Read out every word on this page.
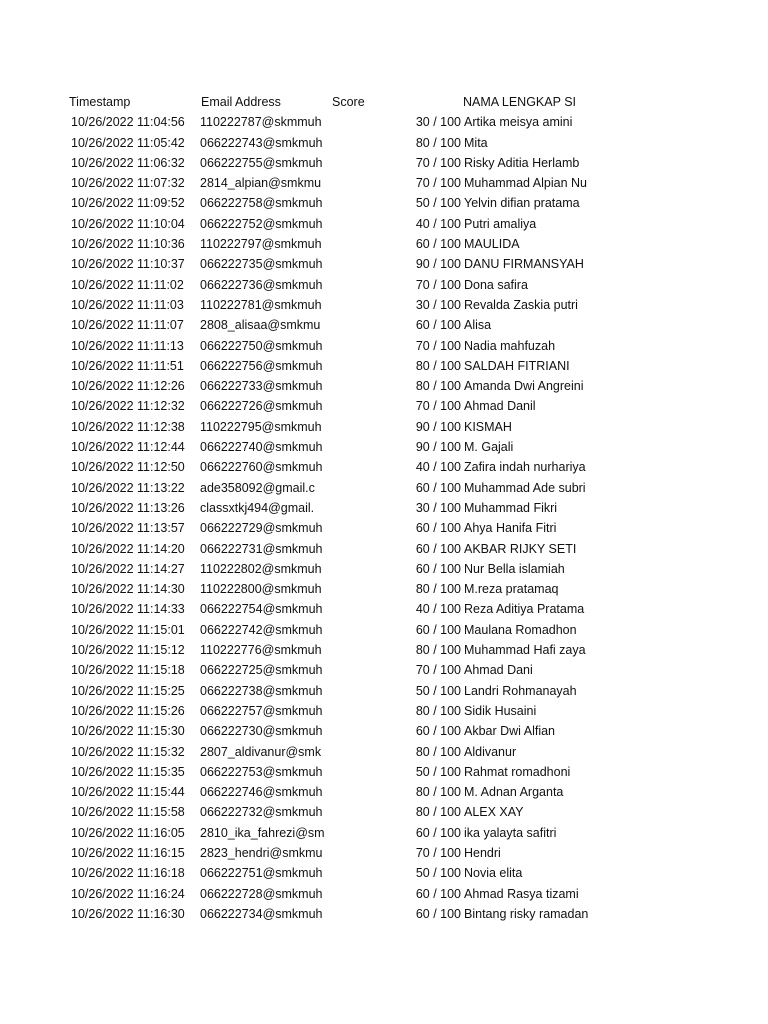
Timestamp	Email Address	Score	NAMA LENGKAP SI
10/26/2022 11:04:56	110222787@skmmuh	30 / 100 Artika meisya amini
10/26/2022 11:05:42	066222743@smkmuh	80 / 100 Mita
10/26/2022 11:06:32	066222755@smkmuh	70 / 100 Risky Aditia Herlamb
10/26/2022 11:07:32	2814_alpian@smkmu	70 / 100 Muhammad Alpian Nu
10/26/2022 11:09:52	066222758@smkmuh	50 / 100 Yelvin difian pratama
10/26/2022 11:10:04	066222752@smkmuh	40 / 100 Putri amaliya
10/26/2022 11:10:36	110222797@smkmuh	60 / 100 MAULIDA
10/26/2022 11:10:37	066222735@smkmuh	90 / 100 DANU FIRMANSYAH
10/26/2022 11:11:02	066222736@smkmuh	70 / 100 Dona safira
10/26/2022 11:11:03	110222781@smkmuh	30 / 100 Revalda Zaskia putri
10/26/2022 11:11:07	2808_alisaa@smkmu	60 / 100 Alisa
10/26/2022 11:11:13	066222750@smkmuh	70 / 100 Nadia mahfuzah
10/26/2022 11:11:51	066222756@smkmuh	80 / 100 SALDAH FITRIANI
10/26/2022 11:12:26	066222733@smkmuh	80 / 100 Amanda Dwi Angreini
10/26/2022 11:12:32	066222726@smkmuh	70 / 100 Ahmad Danil
10/26/2022 11:12:38	110222795@smkmuh	90 / 100 KISMAH
10/26/2022 11:12:44	066222740@smkmuh	90 / 100 M. Gajali
10/26/2022 11:12:50	066222760@smkmuh	40 / 100 Zafira indah nurhariya
10/26/2022 11:13:22	ade358092@gmail.c	60 / 100 Muhammad Ade subri
10/26/2022 11:13:26	classxtkj494@gmail.	30 / 100 Muhammad Fikri
10/26/2022 11:13:57	066222729@smkmuh	60 / 100 Ahya Hanifa Fitri
10/26/2022 11:14:20	066222731@smkmuh	60 / 100 AKBAR RIJKY SETI
10/26/2022 11:14:27	110222802@smkmuh	60 / 100 Nur Bella islamiah
10/26/2022 11:14:30	110222800@smkmuh	80 / 100 M.reza pratamaq
10/26/2022 11:14:33	066222754@smkmuh	40 / 100 Reza Aditiya Pratama
10/26/2022 11:15:01	066222742@smkmuh	60 / 100 Maulana Romadhon
10/26/2022 11:15:12	110222776@smkmuh	80 / 100 Muhammad Hafi zaya
10/26/2022 11:15:18	066222725@smkmuh	70 / 100 Ahmad Dani
10/26/2022 11:15:25	066222738@smkmuh	50 / 100 Landri Rohmanayah
10/26/2022 11:15:26	066222757@smkmuh	80 / 100 Sidik Husaini
10/26/2022 11:15:30	066222730@smkmuh	60 / 100 Akbar Dwi Alfian
10/26/2022 11:15:32	2807_aldivanur@smk	80 / 100 Aldivanur
10/26/2022 11:15:35	066222753@smkmuh	50 / 100 Rahmat romadhoni
10/26/2022 11:15:44	066222746@smkmuh	80 / 100 M. Adnan Arganta
10/26/2022 11:15:58	066222732@smkmuh	80 / 100 ALEX XAY
10/26/2022 11:16:05	2810_ika_fahrezi@sm	60 / 100 ika yalayta safitri
10/26/2022 11:16:15	2823_hendri@smkmu	70 / 100 Hendri
10/26/2022 11:16:18	066222751@smkmuh	50 / 100 Novia elita
10/26/2022 11:16:24	066222728@smkmuh	60 / 100 Ahmad Rasya tizami
10/26/2022 11:16:30	066222734@smkmuh	60 / 100 Bintang risky ramadan
